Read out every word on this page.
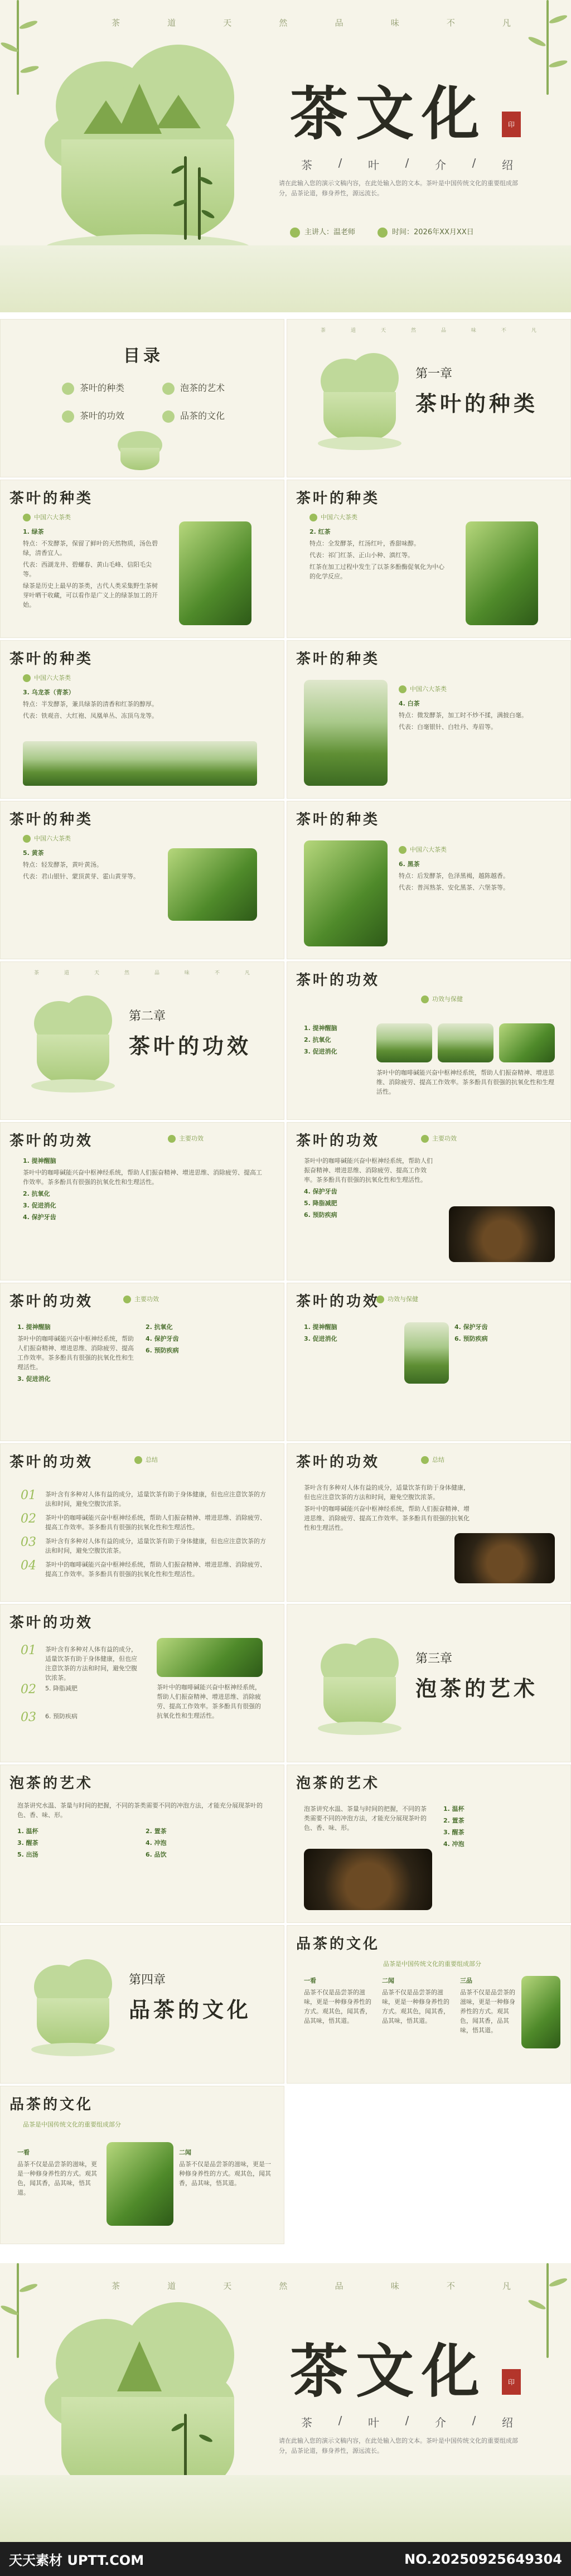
茶	道	天	然	品	味	不	凡
茶文化	印
茶 / 叶 / 介 / 绍
请在此输入您的演示文稿内容，在此处输入您的文本。茶叶是中国传统文化的重要组成部分，品茶论道，修身养性，源远流长。
主讲人：温老师	时间：2026年XX月XX日
目录
茶叶的种类	泡茶的艺术
茶叶的功效	品茶的文化
茶	道	天	然	品	味	不	凡
第一章
茶叶的种类
茶叶的种类
中国六大茶类

1. 绿茶

特点：不发酵茶，保留了鲜叶的天然物质，汤色碧绿，清香宜人。

代表：西湖龙井、碧螺春、黄山毛峰、信阳毛尖等。

绿茶是历史上最早的茶类，古代人类采集野生茶树芽叶晒干收藏，可以看作是广义上的绿茶加工的开始。

茶叶的种类
中国六大茶类

2. 红茶

特点：全发酵茶，红汤红叶，香甜味醇。

代表：祁门红茶、正山小种、滇红等。

红茶在加工过程中发生了以茶多酚酶促氧化为中心的化学反应。

茶叶的种类
中国六大茶类

3. 乌龙茶（青茶）

特点：半发酵茶，兼具绿茶的清香和红茶的醇厚。

代表：铁观音、大红袍、凤凰单丛、冻顶乌龙等。

茶叶的种类
中国六大茶类

4. 白茶

特点：微发酵茶，加工时不炒不揉，满披白毫。

代表：白毫银针、白牡丹、寿眉等。

茶叶的种类
中国六大茶类

5. 黄茶

特点：轻发酵茶，黄叶黄汤。

代表：君山银针、蒙顶黄芽、霍山黄芽等。

茶叶的种类
中国六大茶类

6. 黑茶

特点：后发酵茶，色泽黑褐，越陈越香。

代表：普洱熟茶、安化黑茶、六堡茶等。

茶	道	天	然	品	味	不	凡
第二章
茶叶的功效
茶叶的功效
功效与保健

1. 提神醒脑

2. 抗氧化

3. 促进消化

茶叶中的咖啡碱能兴奋中枢神经系统，帮助人们振奋精神、增进思维、消除疲劳、提高工作效率。茶多酚具有很强的抗氧化性和生理活性。
茶叶的功效	主要功效

1. 提神醒脑

茶叶中的咖啡碱能兴奋中枢神经系统，帮助人们振奋精神、增进思维、消除疲劳、提高工作效率。茶多酚具有很强的抗氧化性和生理活性。

2. 抗氧化

3. 促进消化

4. 保护牙齿

茶叶的功效	主要功效

茶叶中的咖啡碱能兴奋中枢神经系统，帮助人们振奋精神、增进思维、消除疲劳、提高工作效率。茶多酚具有很强的抗氧化性和生理活性。

4. 保护牙齿

5. 降脂减肥

6. 预防疾病

茶叶的功效	主要功效

1. 提神醒脑

茶叶中的咖啡碱能兴奋中枢神经系统，帮助人们振奋精神、增进思维、消除疲劳、提高工作效率。茶多酚具有很强的抗氧化性和生理活性。

3. 促进消化

2. 抗氧化

4. 保护牙齿

6. 预防疾病

茶叶的功效	功效与保健

1. 提神醒脑

3. 促进消化

4. 保护牙齿

6. 预防疾病

茶叶的功效	总结
01 茶叶含有多种对人体有益的成分，适量饮茶有助于身体健康，但也应注意饮茶的方法和时间，避免空腹饮浓茶。
02 茶叶中的咖啡碱能兴奋中枢神经系统，帮助人们振奋精神、增进思维、消除疲劳、提高工作效率。茶多酚具有很强的抗氧化性和生理活性。
03 茶叶含有多种对人体有益的成分，适量饮茶有助于身体健康，但也应注意饮茶的方法和时间，避免空腹饮浓茶。
04 茶叶中的咖啡碱能兴奋中枢神经系统，帮助人们振奋精神、增进思维、消除疲劳、提高工作效率。茶多酚具有很强的抗氧化性和生理活性。
茶叶的功效	总结

茶叶含有多种对人体有益的成分，适量饮茶有助于身体健康，但也应注意饮茶的方法和时间，避免空腹饮浓茶。

茶叶中的咖啡碱能兴奋中枢神经系统，帮助人们振奋精神、增进思维、消除疲劳、提高工作效率。茶多酚具有很强的抗氧化性和生理活性。

茶叶的功效
01 茶叶含有多种对人体有益的成分，适量饮茶有助于身体健康，但也应注意饮茶的方法和时间，避免空腹饮浓茶。
02 5. 降脂减肥
03 6. 预防疾病
茶叶中的咖啡碱能兴奋中枢神经系统，帮助人们振奋精神、增进思维、消除疲劳、提高工作效率。茶多酚具有很强的抗氧化性和生理活性。
第三章
泡茶的艺术
泡茶的艺术
泡茶讲究水温、茶量与时间的把握，不同的茶类需要不同的冲泡方法，才能充分展现茶叶的色、香、味、形。

1. 温杯

3. 醒茶

5. 出汤

2. 置茶

4. 冲泡

6. 品饮

泡茶的艺术
泡茶讲究水温、茶量与时间的把握，不同的茶类需要不同的冲泡方法，才能充分展现茶叶的色、香、味、形。

1. 温杯

2. 置茶

3. 醒茶

4. 冲泡

第四章
品茶的文化
品茶的文化
品茶是中国传统文化的重要组成部分

一看

品茶不仅是品尝茶的滋味，更是一种修身养性的方式。观其色，闻其香，品其味，悟其道。

二闻

品茶不仅是品尝茶的滋味，更是一种修身养性的方式。观其色，闻其香，品其味，悟其道。

三品

品茶不仅是品尝茶的滋味，更是一种修身养性的方式。观其色，闻其香，品其味，悟其道。

品茶的文化
品茶是中国传统文化的重要组成部分

一看

品茶不仅是品尝茶的滋味，更是一种修身养性的方式。观其色，闻其香，品其味，悟其道。

二闻

品茶不仅是品尝茶的滋味，更是一种修身养性的方式。观其色，闻其香，品其味，悟其道。

茶	道	天	然	品	味	不	凡
茶文化	印
茶 / 叶 / 介 / 绍
请在此输入您的演示文稿内容，在此处输入您的文本。茶叶是中国传统文化的重要组成部分，品茶论道，修身养性，源远流长。
天天素材 UPTT.COM	NO.20250925649304
